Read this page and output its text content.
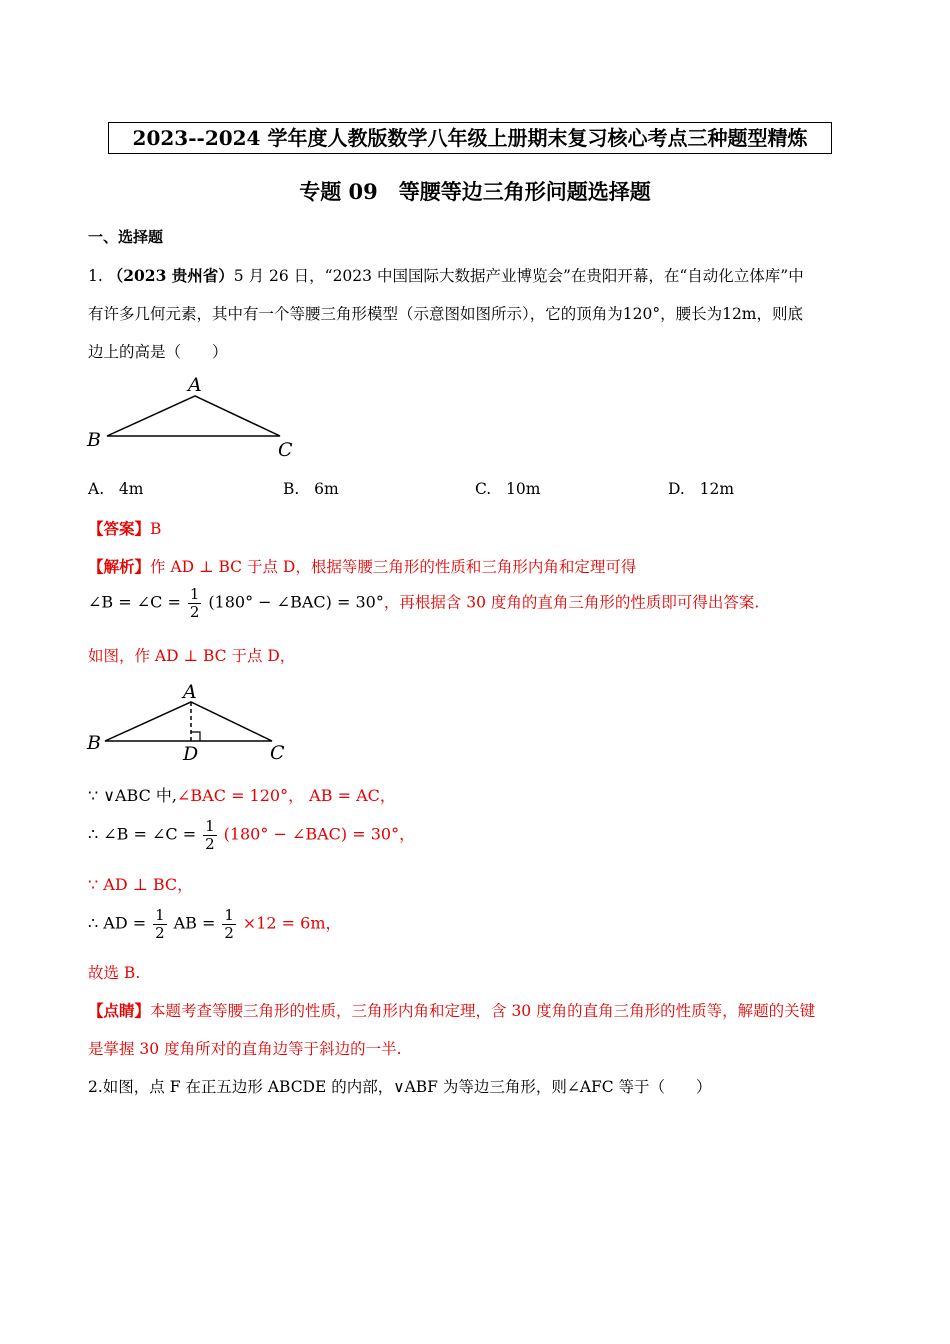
2023--2024 学年度人教版数学八年级上册期末复习核心考点三种题型精炼
专题 09　等腰等边三角形问题选择题
一、选择题
1. （2023 贵州省）5 月 26 日，“2023 中国国际大数据产业博览会”在贵阳开幕，在“自动化立体库”中
有许多几何元素，其中有一个等腰三角形模型（示意图如图所示），它的顶角为120°，腰长为12m，则底
边上的高是（　　）
A
B	C
A. 4m	B. 6m	C. 10m	D. 12m
【答案】B
【解析】作 AD ⊥ BC 于点 D，根据等腰三角形的性质和三角形内角和定理可得
∠B = ∠C = $\frac{1}{2} (180^\circ$ − ∠BAC) = 30°，再根据含 30 度角的直角三角形的性质即可得出答案.
如图，作 AD ⊥ BC 于点 D，
A
B	D	C
∵ ∨ABC 中,∠BAC = 120°， AB = AC，
∴ ∠B = ∠C = $\frac{1}{2} (180^\circ$ − ∠BAC) = 30°，
∵ AD ⊥ BC，
∴ AD = $\frac{1}{2}$ AB = $\frac{1}{2} \times 12 = 6m$，
故选 B.
【点睛】本题考查等腰三角形的性质，三角形内角和定理，含 30 度角的直角三角形的性质等，解题的关键
是掌握 30 度角所对的直角边等于斜边的一半.
2.如图，点 F 在正五边形 ABCDE 的内部，∨ABF 为等边三角形，则∠AFC 等于（　　）
